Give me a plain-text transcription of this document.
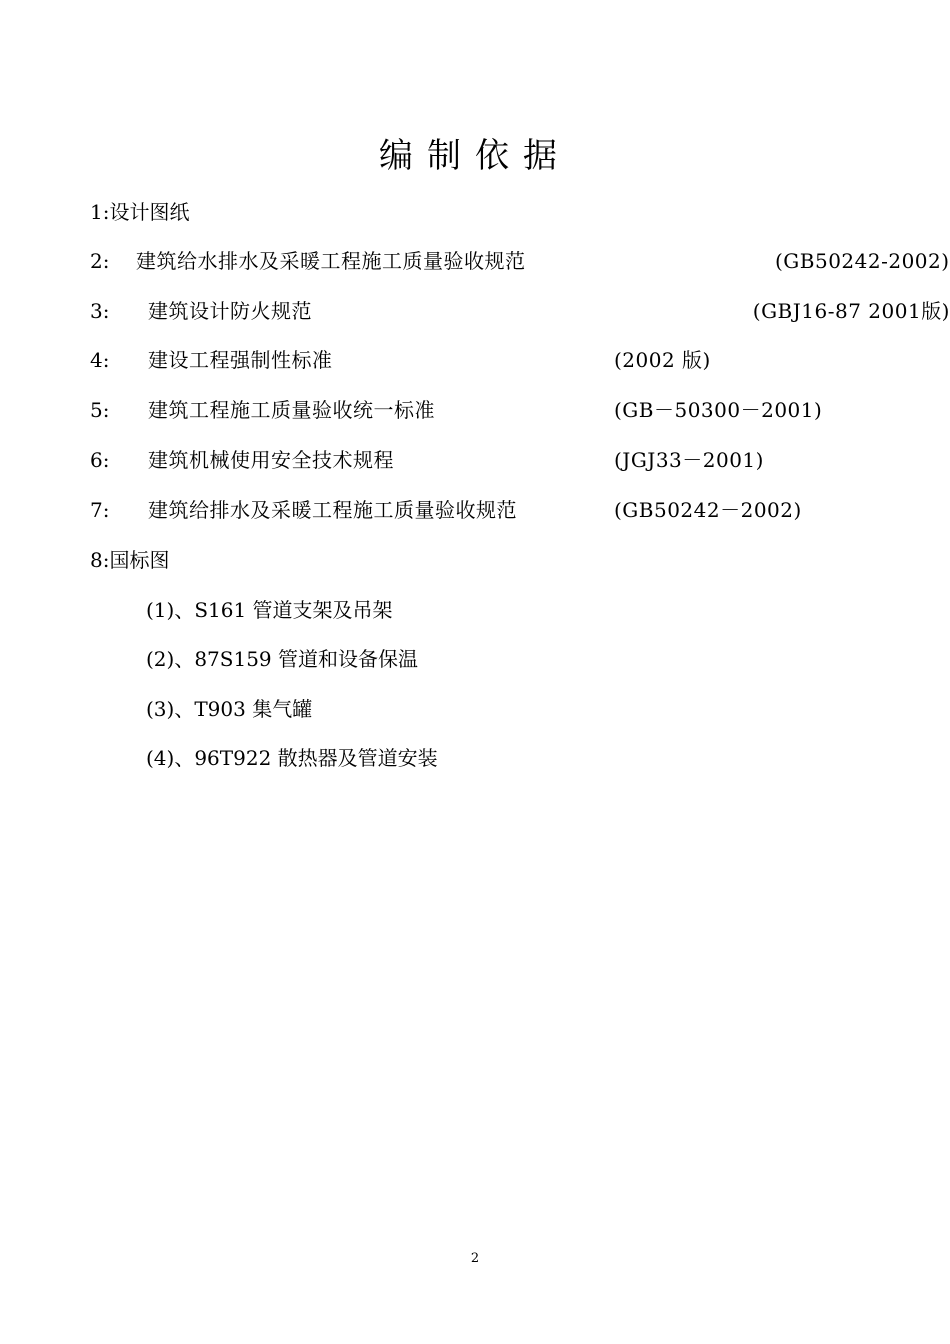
编制依据
1:设计图纸
2: 建筑给水排水及采暖工程施工质量验收规范	(GB50242-2002)
3: 建筑设计防火规范	(GBJ16-87 2001版)
4: 建设工程强制性标准	(2002 版)
5: 建筑工程施工质量验收统一标准	(GB－50300－2001)
6: 建筑机械使用安全技术规程	(JGJ33－2001)
7: 建筑给排水及采暖工程施工质量验收规范	(GB50242－2002)
8:国标图
(1)、S161 管道支架及吊架
(2)、87S159 管道和设备保温
(3)、T903 集气罐
(4)、96T922 散热器及管道安装
2
